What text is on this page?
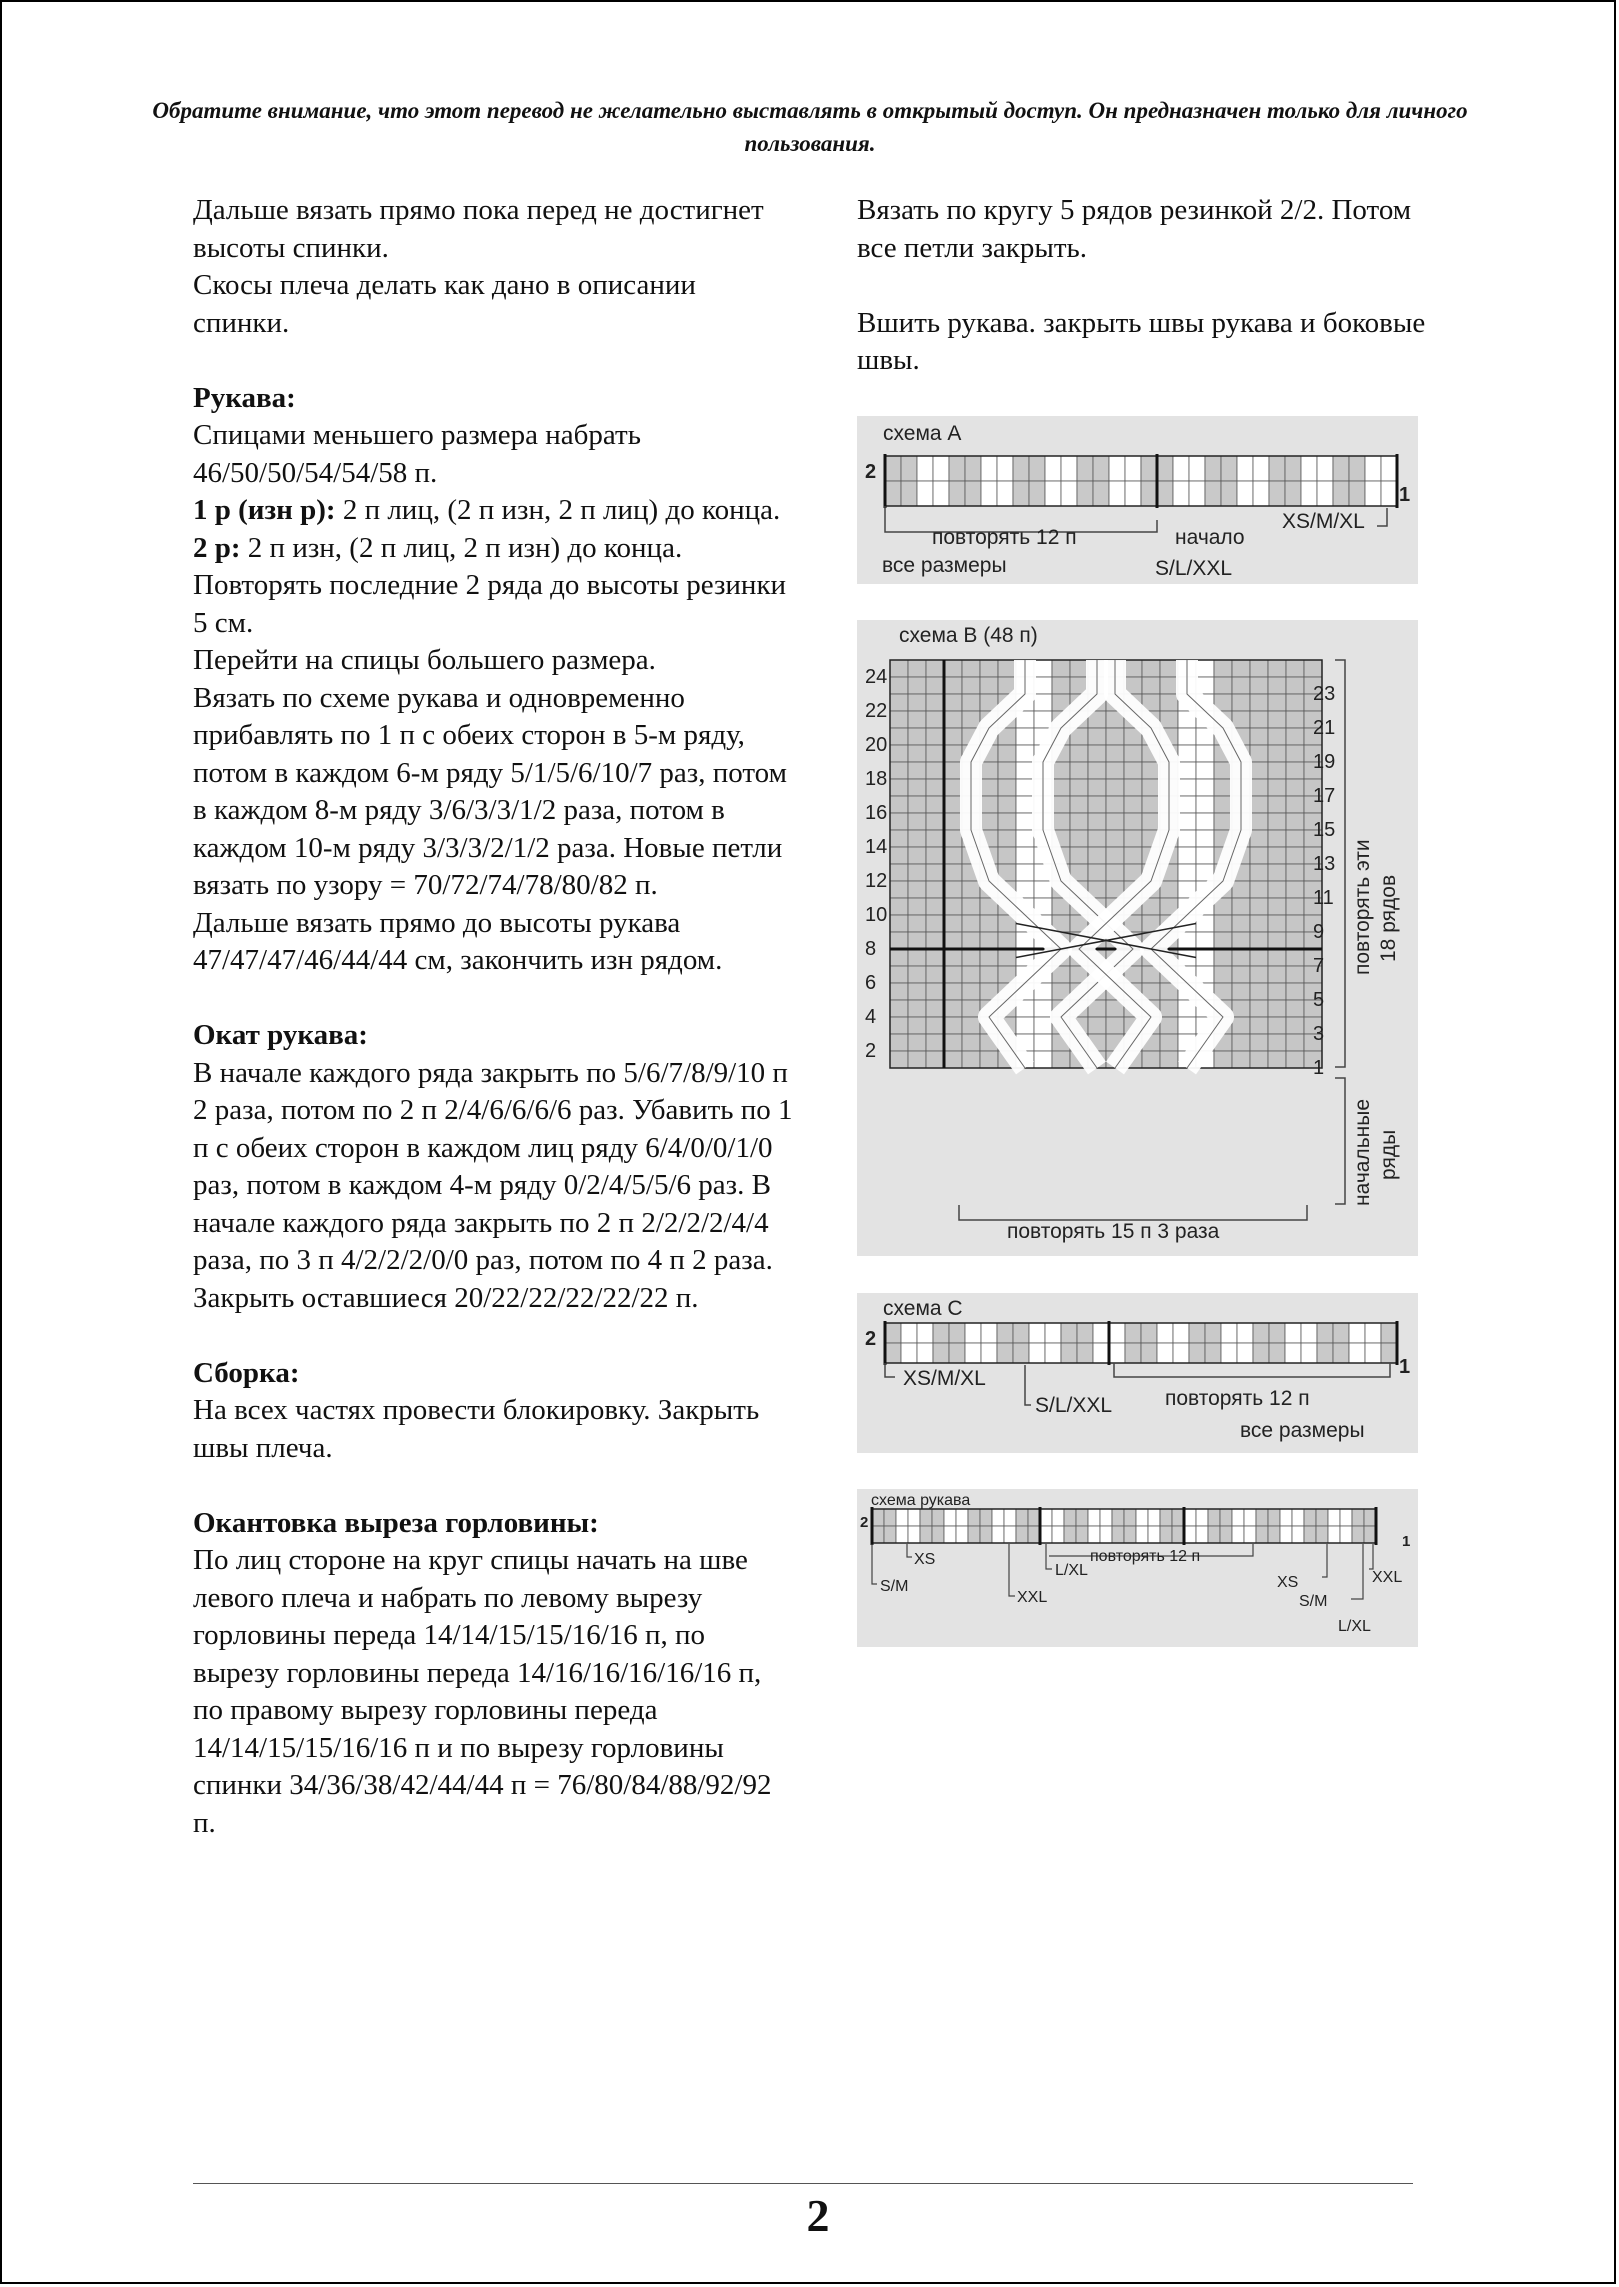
Обратите внимание, что этот перевод не желательно выставлять в открытый доступ. Он предназначен только для личного пользования.

Дальше вязать прямо пока перед не достигнет высоты спинки.

Скосы плеча делать как дано в описании спинки.

Рукава:

Спицами меньшего размера набрать 46/50/50/54/54/58 п.

1 р (изн р): 2 п лиц, (2 п изн, 2 п лиц) до конца.

2 р: 2 п изн, (2 п лиц, 2 п изн) до конца.

Повторять последние 2 ряда до высоты резинки 5 см.

Перейти на спицы большего размера.

Вязать по схеме рукава и одновременно прибавлять по 1 п с обеих сторон в 5-м ряду, потом в каждом 6-м ряду 5/1/5/6/10/7 раз, потом в каждом 8-м ряду 3/6/3/3/1/2 раза, потом в каждом 10-м ряду 3/3/3/2/1/2 раза. Новые петли вязать по узору = 70/72/74/78/80/82 п.

Дальше вязать прямо до высоты рукава 47/47/47/46/44/44 см, закончить изн рядом.

Окат рукава:

В начале каждого ряда закрыть по 5/6/7/8/9/10 п 2 раза, потом по 2 п 2/4/6/6/6/6 раз. Убавить по 1 п с обеих сторон в каждом лиц ряду 6/4/0/0/1/0 раз, потом в каждом 4-м ряду 0/2/4/5/5/6 раз. В начале каждого ряда закрыть по 2 п 2/2/2/2/4/4 раза, по 3 п 4/2/2/2/0/0 раз, потом по 4 п 2 раза. Закрыть оставшиеся 20/22/22/22/22/22 п.

Сборка:

На всех частях провести блокировку. Закрыть швы плеча.

Окантовка выреза горловины:

По лиц стороне на круг спицы начать на шве левого плеча и набрать по левому вырезу горловины переда 14/14/15/15/16/16 п, по вырезу горловины переда 14/16/16/16/16/16 п, по правому вырезу горловины переда 14/14/15/15/16/16 п и по вырезу горловины спинки 34/36/38/42/44/44 п = 76/80/84/88/92/92 п.

Вязать по кругу 5 рядов резинкой 2/2. Потом все петли закрыть.

Вшить рукава. закрыть швы рукава и боковые швы.

схема А
2
1
повторять 12 п	начало
S/L/XXL
все размеры
XS/M/XL
схема В (48 п)
24
22
20
18
16
14
12
10
8
6
4
2
23
21
19
17
15
13
11
9
7
5
3
1
повторять эти 18 рядов
начальные ряды
повторять 15 п 3 раза
схема С
2
1
XS/M/XL
S/L/XXL	повторять 12 п
все размеры
схема рукава
2
1
S/M
XS
XXL
L/XL
повторять 12 п
XS
S/M
L/XL
XXL
2
